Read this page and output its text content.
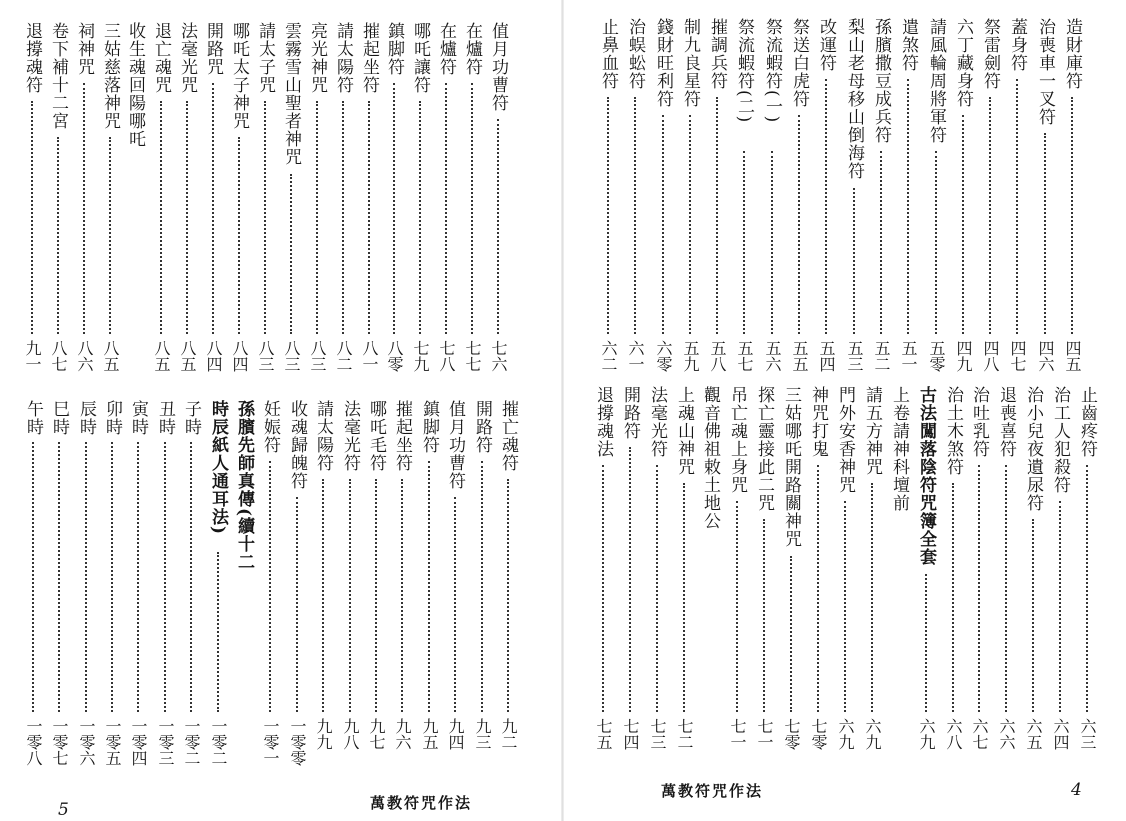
值月功曹符
七六
在爐符
七七
在爐符
七八
哪吒讓符
七九
鎮脚符
八零
摧起坐符
八一
請太陽符
八二
亮光神咒
八三
雲霧雪山聖者神咒
八三
請太子咒
八三
哪吒太子神咒
八四
開路咒
八四
法毫光咒
八五
退亡魂咒
八五
收生魂回陽哪吒
三姑慈落神咒
八五
祠神咒
八六
卷下補十二宮
八七
退撐魂符
九一
摧亡魂符
九二
開路符
九三
值月功曹符
九四
鎮脚符
九五
摧起坐符
九六
哪吒毛符
九七
法毫光符
九八
請太陽符
九九
收魂歸魄符
一零零
妊娠符
一零一
孫臏先師真傳(續十二
時辰紙人通耳法)
一零二
子時
一零二
丑時
一零三
寅時
一零四
卯時
一零五
辰時
一零六
巳時
一零七
午時
一零八
5	萬教符咒作法
造財庫符
四五
治喪車一叉符
四六
蓋身符
四七
祭雷劍符
四八
六丁藏身符
四九
請風輪周將軍符
五零
遣煞符
五一
孫臏撒豆成兵符
五二
梨山老母移山倒海符
五三
改運符
五四
祭送白虎符
五五
祭流蝦符(一)
五六
祭流蝦符(二)
五七
摧調兵符
五八
制九良星符
五九
錢財旺利符
六零
治蜈蚣符
六一
止鼻血符
六二
止齒疼符
六三
治工人犯殺符
六四
治小兒夜遺尿符
六五
退喪喜符
六六
治吐乳符
六七
治土木煞符
六八
古法闖落陰符咒簿全套
六九
上卷請神科壇前
請五方神咒
六九
門外安香神咒
六九
神咒打鬼
七零
三姑哪吒開路關神咒
七零
探亡靈接此二咒
七一
吊亡魂上身咒
七一
觀音佛祖敕土地公
上魂山神咒
七二
法毫光符
七三
開路符
七四
退撐魂法
七五
4
萬教符咒作法
